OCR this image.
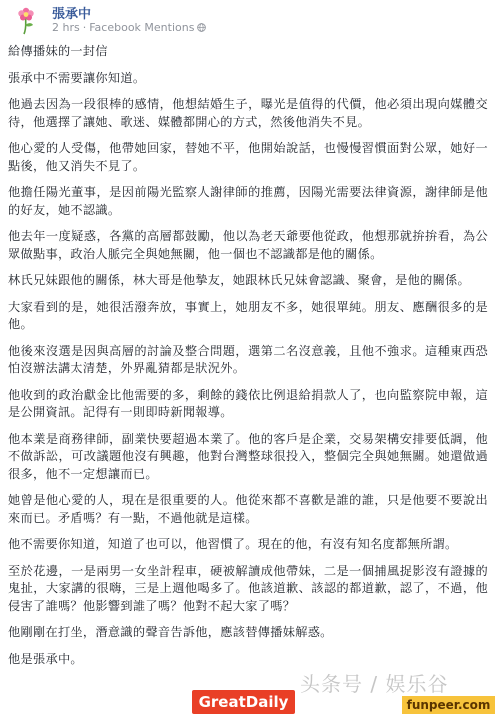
張承中
2 hrs · Facebook Mentions

給傳播妹的一封信

張承中不需要讓你知道。

他過去因為一段很棒的感情，他想結婚生子，曝光是值得的代價，他必須出現向媒體交待，他選擇了讓她、歌迷、媒體都開心的方式，然後他消失不見。

他心愛的人受傷，他帶她回家，替她不平，他開始說話，也慢慢習慣面對公眾，她好一點後，他又消失不見了。

他擔任陽光董事，是因前陽光監察人謝律師的推薦，因陽光需要法律資源，謝律師是他的好友，她不認識。

他去年一度疑惑，各黨的高層都鼓勵，他以為老天爺要他從政，他想那就拚拚看，為公眾做點事，政治人脈完全與她無關，他一個也不認識都是他的關係。

林氏兄妹跟他的關係，林大哥是他摯友，她跟林氏兄妹會認識、聚會，是他的關係。

大家看到的是，她很活潑奔放，事實上，她朋友不多，她很單純。朋友、應酬很多的是他。

他後來沒選是因與高層的討論及整合問題，選第二名沒意義，且他不強求。這種東西恐怕沒辦法講太清楚，外界亂猜都是狀況外。

他收到的政治獻金比他需要的多，剩餘的錢依比例退給捐款人了，也向監察院申報，這是公開資訊。記得有一則即時新聞報導。

他本業是商務律師，副業快要超過本業了。他的客戶是企業，交易架構安排要低調，他不做訴訟，可改議題他沒有興趣，他對台灣整球很投入，整個完全與她無關。她還做過很多，他不一定想讓而已。

她曾是他心愛的人，現在是很重要的人。他從來都不喜歡是誰的誰，只是他要不要說出來而已。矛盾嗎？有一點，不過他就是這樣。

他不需要你知道，知道了也可以，他習慣了。現在的他，有沒有知名度都無所謂。

至於花邊，一是兩男一女坐計程車，硬被解讀成他帶妹，二是一個捕風捉影沒有證據的鬼扯，大家講的很嗨，三是上週他喝多了。他該道歉、該認的都道歉，認了，不過，他侵害了誰嗎？他影響到誰了嗎？他對不起大家了嗎？

他剛剛在打坐，潛意識的聲音告訴他，應該替傳播妹解惑。

他是張承中。

头条号 / 娱乐谷
GreatDaily	funpeer.com
